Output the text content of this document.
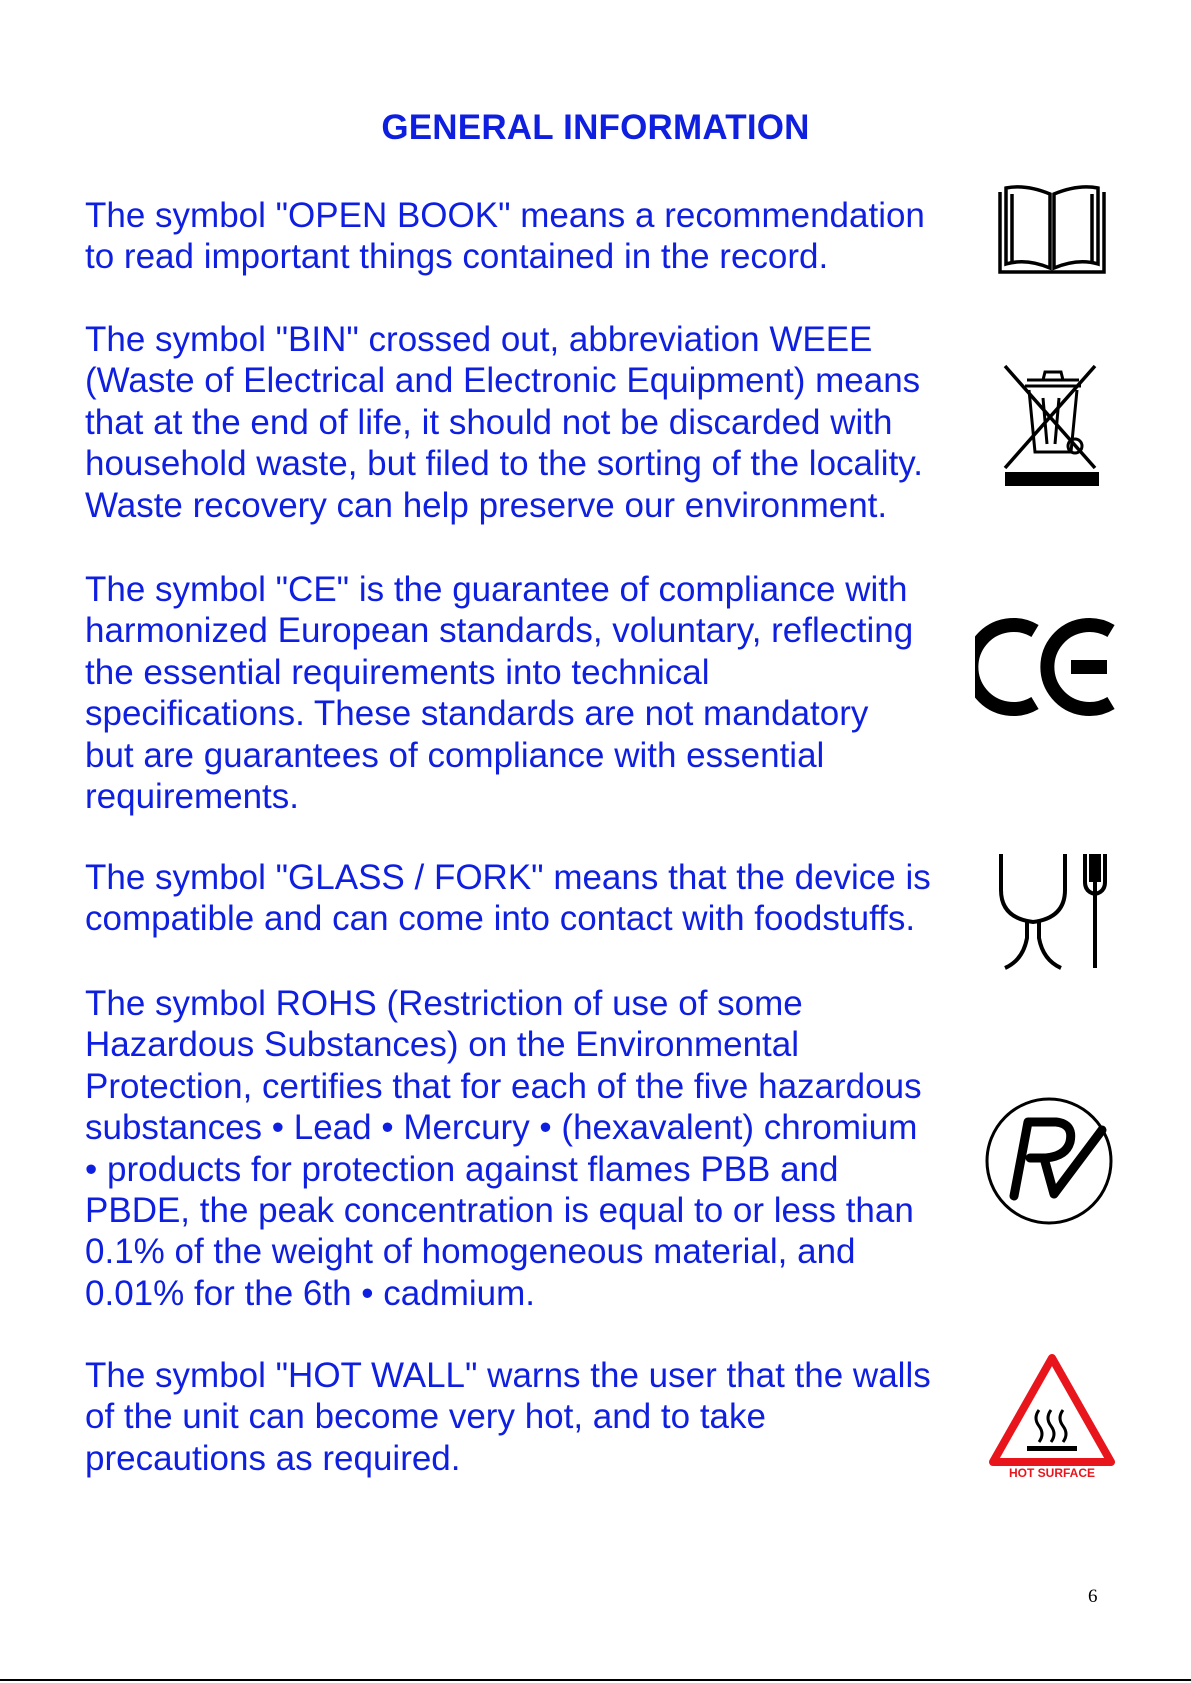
GENERAL INFORMATION
The symbol "OPEN BOOK" means a recommendation
to read important things contained in the record.
The symbol "BIN" crossed out, abbreviation WEEE
(Waste of Electrical and Electronic Equipment) means
that at the end of life, it should not be discarded with
household waste, but filed to the sorting of the locality.
Waste recovery can help preserve our environment.
The symbol "CE" is the guarantee of compliance with
harmonized European standards, voluntary, reflecting
the essential requirements into technical
specifications. These standards are not mandatory
but are guarantees of compliance with essential
requirements.
The symbol "GLASS / FORK" means that the device is
compatible and can come into contact with foodstuffs.
The symbol ROHS (Restriction of use of some
Hazardous Substances) on the Environmental
Protection, certifies that for each of the five hazardous
substances • Lead • Mercury • (hexavalent) chromium
• products for protection against flames PBB and
PBDE, the peak concentration is equal to or less than
0.1% of the weight of homogeneous material, and
0.01% for the 6th • cadmium.
The symbol "HOT WALL" warns the user that the walls
of the unit can become very hot, and to take
precautions as required.	HOT SURFACE
6
